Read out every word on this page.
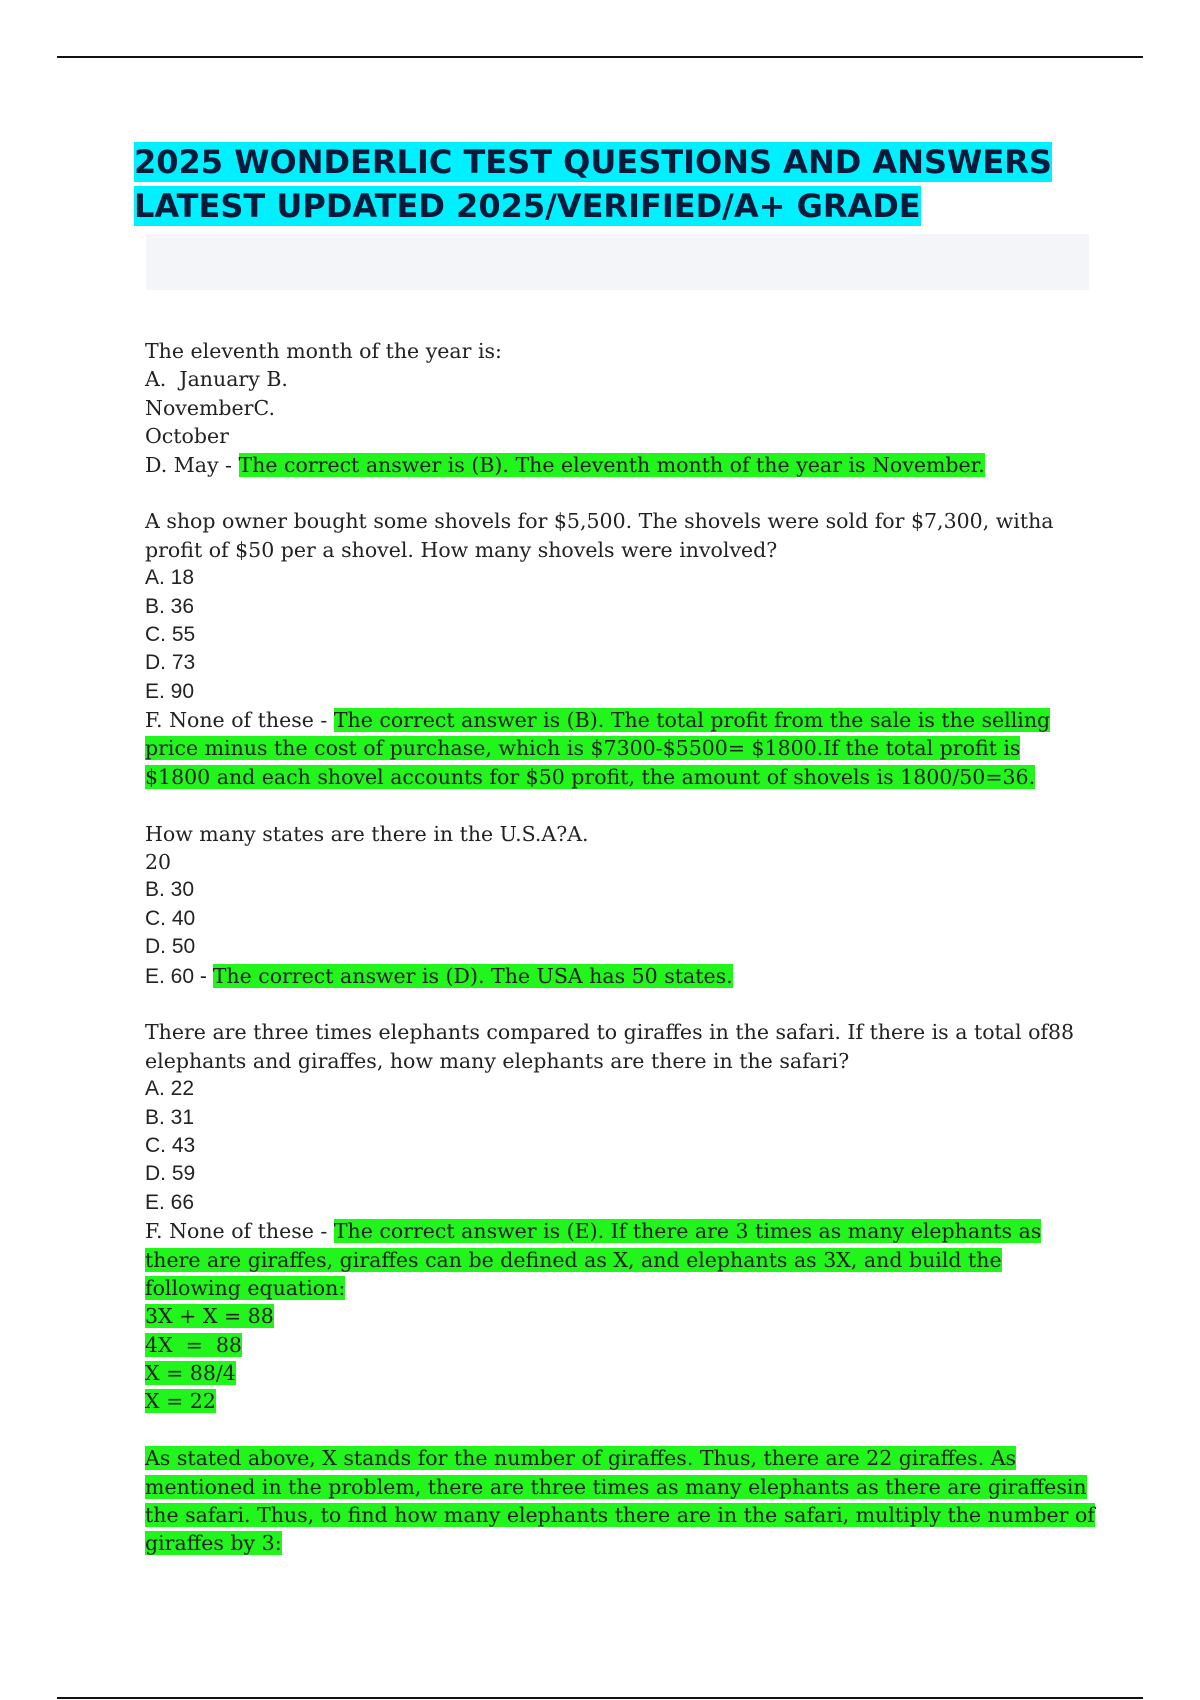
2025 WONDERLIC TEST QUESTIONS AND ANSWERS
LATEST UPDATED 2025/VERIFIED/A+ GRADE
The eleventh month of the year is:
A.  January B.
NovemberC.
October
D. May - The correct answer is (B). The eleventh month of the year is November.
A shop owner bought some shovels for $5,500. The shovels were sold for $7,300, witha
profit of $50 per a shovel. How many shovels were involved?
A. 18
B. 36
C. 55
D. 73
E. 90
F. None of these - The correct answer is (B). The total profit from the sale is the selling
price minus the cost of purchase, which is $7300-$5500= $1800.If the total profit is
$1800 and each shovel accounts for $50 profit, the amount of shovels is 1800/50=36.
How many states are there in the U.S.A?A.
20
B. 30
C. 40
D. 50
E. 60 - The correct answer is (D). The USA has 50 states.
There are three times elephants compared to giraffes in the safari. If there is a total of88
elephants and giraffes, how many elephants are there in the safari?
A. 22
B. 31
C. 43
D. 59
E. 66
F. None of these - The correct answer is (E). If there are 3 times as many elephants as
there are giraffes, giraffes can be defined as X, and elephants as 3X, and build the
following equation:
3X + X = 88
4X  =  88
X = 88/4
X = 22
As stated above, X stands for the number of giraffes. Thus, there are 22 giraffes. As
mentioned in the problem, there are three times as many elephants as there are giraffesin
the safari. Thus, to find how many elephants there are in the safari, multiply the number of
giraffes by 3:
